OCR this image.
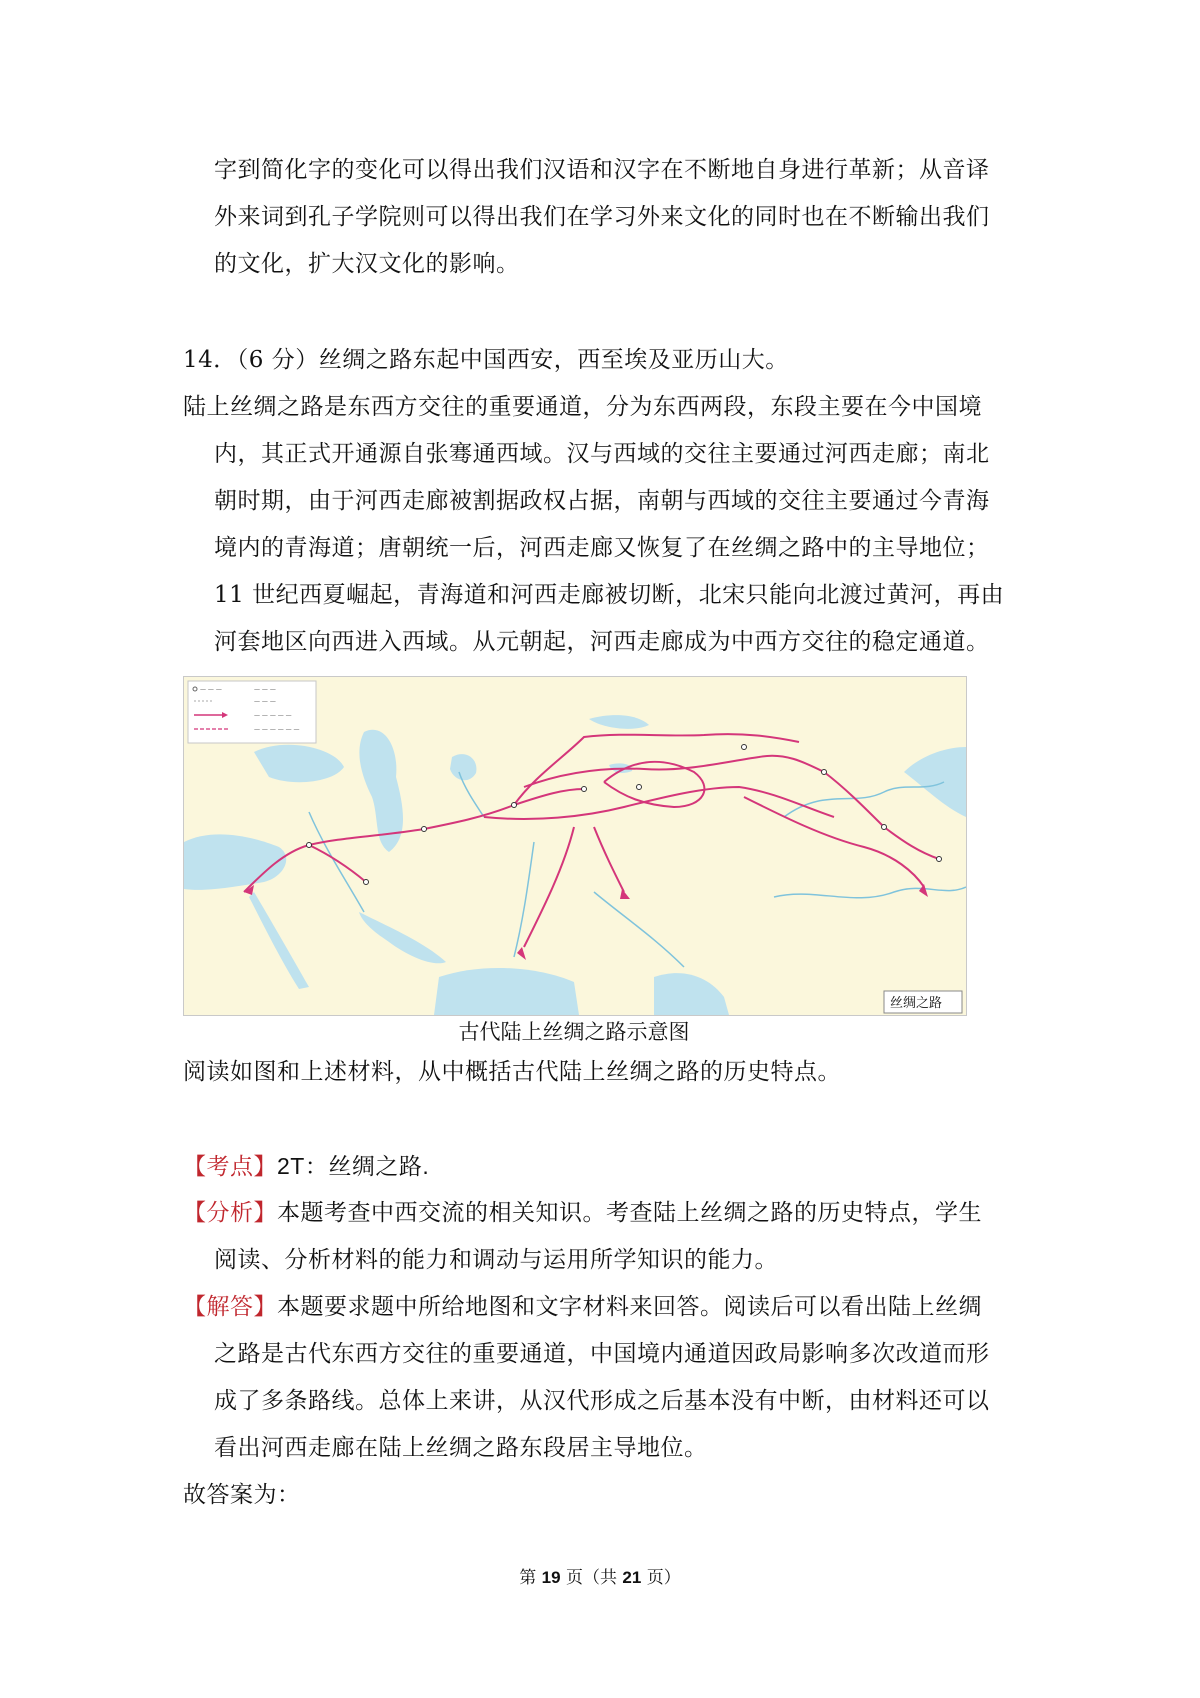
字到简化字的变化可以得出我们汉语和汉字在不断地自身进行革新；从音译
外来词到孔子学院则可以得出我们在学习外来文化的同时也在不断输出我们
的文化，扩大汉文化的影响。
14．（6 分）丝绸之路东起中国西安，西至埃及亚历山大。
陆上丝绸之路是东西方交往的重要通道，分为东西两段，东段主要在今中国境
内，其正式开通源自张骞通西域。汉与西域的交往主要通过河西走廊；南北
朝时期，由于河西走廊被割据政权占据，南朝与西域的交往主要通过今青海
境内的青海道；唐朝统一后，河西走廊又恢复了在丝绸之路中的主导地位；
11 世纪西夏崛起，青海道和河西走廊被切断，北宋只能向北渡过黄河，再由
河套地区向西进入西域。从元朝起，河西走廊成为中西方交往的稳定通道。
— — —	— — —
— — —
— — — — —
— — — — — —
丝绸之路
古代陆上丝绸之路示意图
阅读如图和上述材料，从中概括古代陆上丝绸之路的历史特点。
【考点】2T：丝绸之路.
【分析】本题考查中西交流的相关知识。考查陆上丝绸之路的历史特点，学生
阅读、分析材料的能力和调动与运用所学知识的能力。
【解答】本题要求题中所给地图和文字材料来回答。阅读后可以看出陆上丝绸
之路是古代东西方交往的重要通道，中国境内通道因政局影响多次改道而形
成了多条路线。总体上来讲，从汉代形成之后基本没有中断，由材料还可以
看出河西走廊在陆上丝绸之路东段居主导地位。
故答案为：
第 19 页（共 21 页）
